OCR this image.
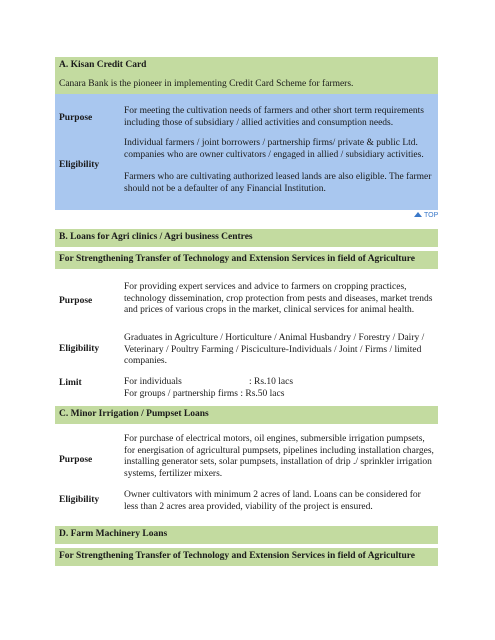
A. Kisan Credit Card
Canara Bank is the pioneer in implementing Credit Card Scheme for farmers.
Purpose
For meeting the cultivation needs of farmers and other short term requirements including those of subsidiary / allied activities and consumption needs.
Eligibility
Individual farmers / joint borrowers / partnership firms/ private & public Ltd. companies who are owner cultivators / engaged in allied / subsidiary activities.
Farmers who are cultivating authorized leased lands are also eligible. The farmer should not be a defaulter of any Financial Institution.
TOP
B. Loans for Agri clinics / Agri business Centres
For Strengthening Transfer of Technology and Extension Services in field of Agriculture
Purpose
For providing expert services and advice to farmers on cropping practices, technology dissemination, crop protection from pests and diseases, market trends and prices of various crops in the market, clinical services for animal health.
Eligibility
Graduates in Agriculture / Horticulture / Animal Husbandry / Forestry / Dairy / Veterinary / Poultry Farming / Pisciculture-Individuals / Joint / Firms / limited companies.
Limit	For individuals	: Rs.10 lacs
For groups / partnership firms : Rs.50 lacs
C. Minor Irrigation / Pumpset Loans
Purpose
For purchase of electrical motors, oil engines, submersible irrigation pumpsets, for energisation of agricultural pumpsets, pipelines including installation charges, installing generator sets, solar pumpsets, installation of drip ./ sprinkler irrigation systems, fertilizer mixers.
Eligibility	Owner cultivators with minimum 2 acres of land. Loans can be considered for less than 2 acres area provided, viability of the project is ensured.
D. Farm Machinery Loans
For Strengthening Transfer of Technology and Extension Services in field of Agriculture
